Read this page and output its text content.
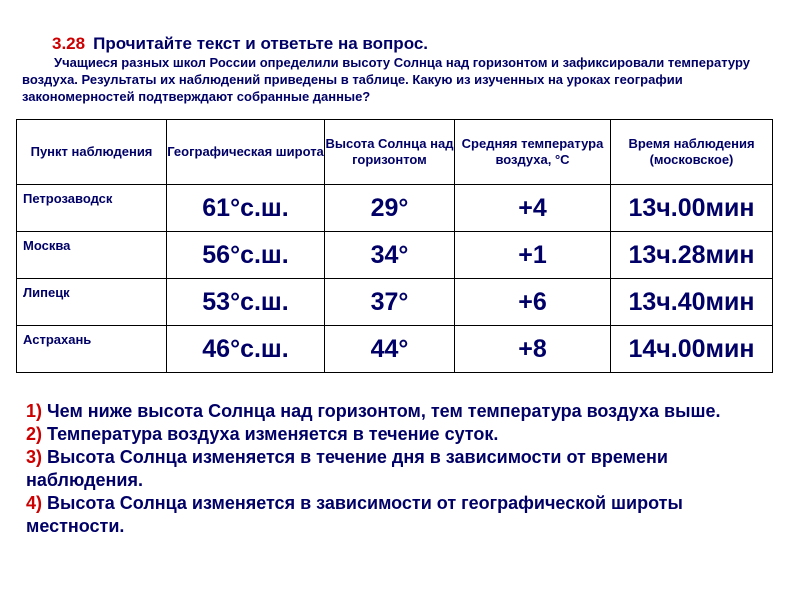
3.28 Прочитайте текст и ответьте на вопрос.
Учащиеся разных школ России определили высоту Солнца над горизонтом и зафиксировали температуру воздуха. Результаты их наблюдений приведены в таблице. Какую из изученных на уроках географии закономерностей подтверждают собранные данные?
Пункт наблюдения	Географическая широта	Высота Солнца над горизонтом	Средняя температура воздуха, °С	Время наблюдения (московское)
Петрозаводск	61°с.ш.	29°	+4	13ч.00мин
Москва	56°с.ш.	34°	+1	13ч.28мин
Липецк	53°с.ш.	37°	+6	13ч.40мин
Астрахань	46°с.ш.	44°	+8	14ч.00мин
1) Чем ниже высота Солнца над горизонтом, тем температура воздуха выше.
2) Температура воздуха изменяется в течение суток.
3) Высота Солнца изменяется в течение дня в зависимости от времени наблюдения.
4) Высота Солнца изменяется в зависимости от географической широты местности.
